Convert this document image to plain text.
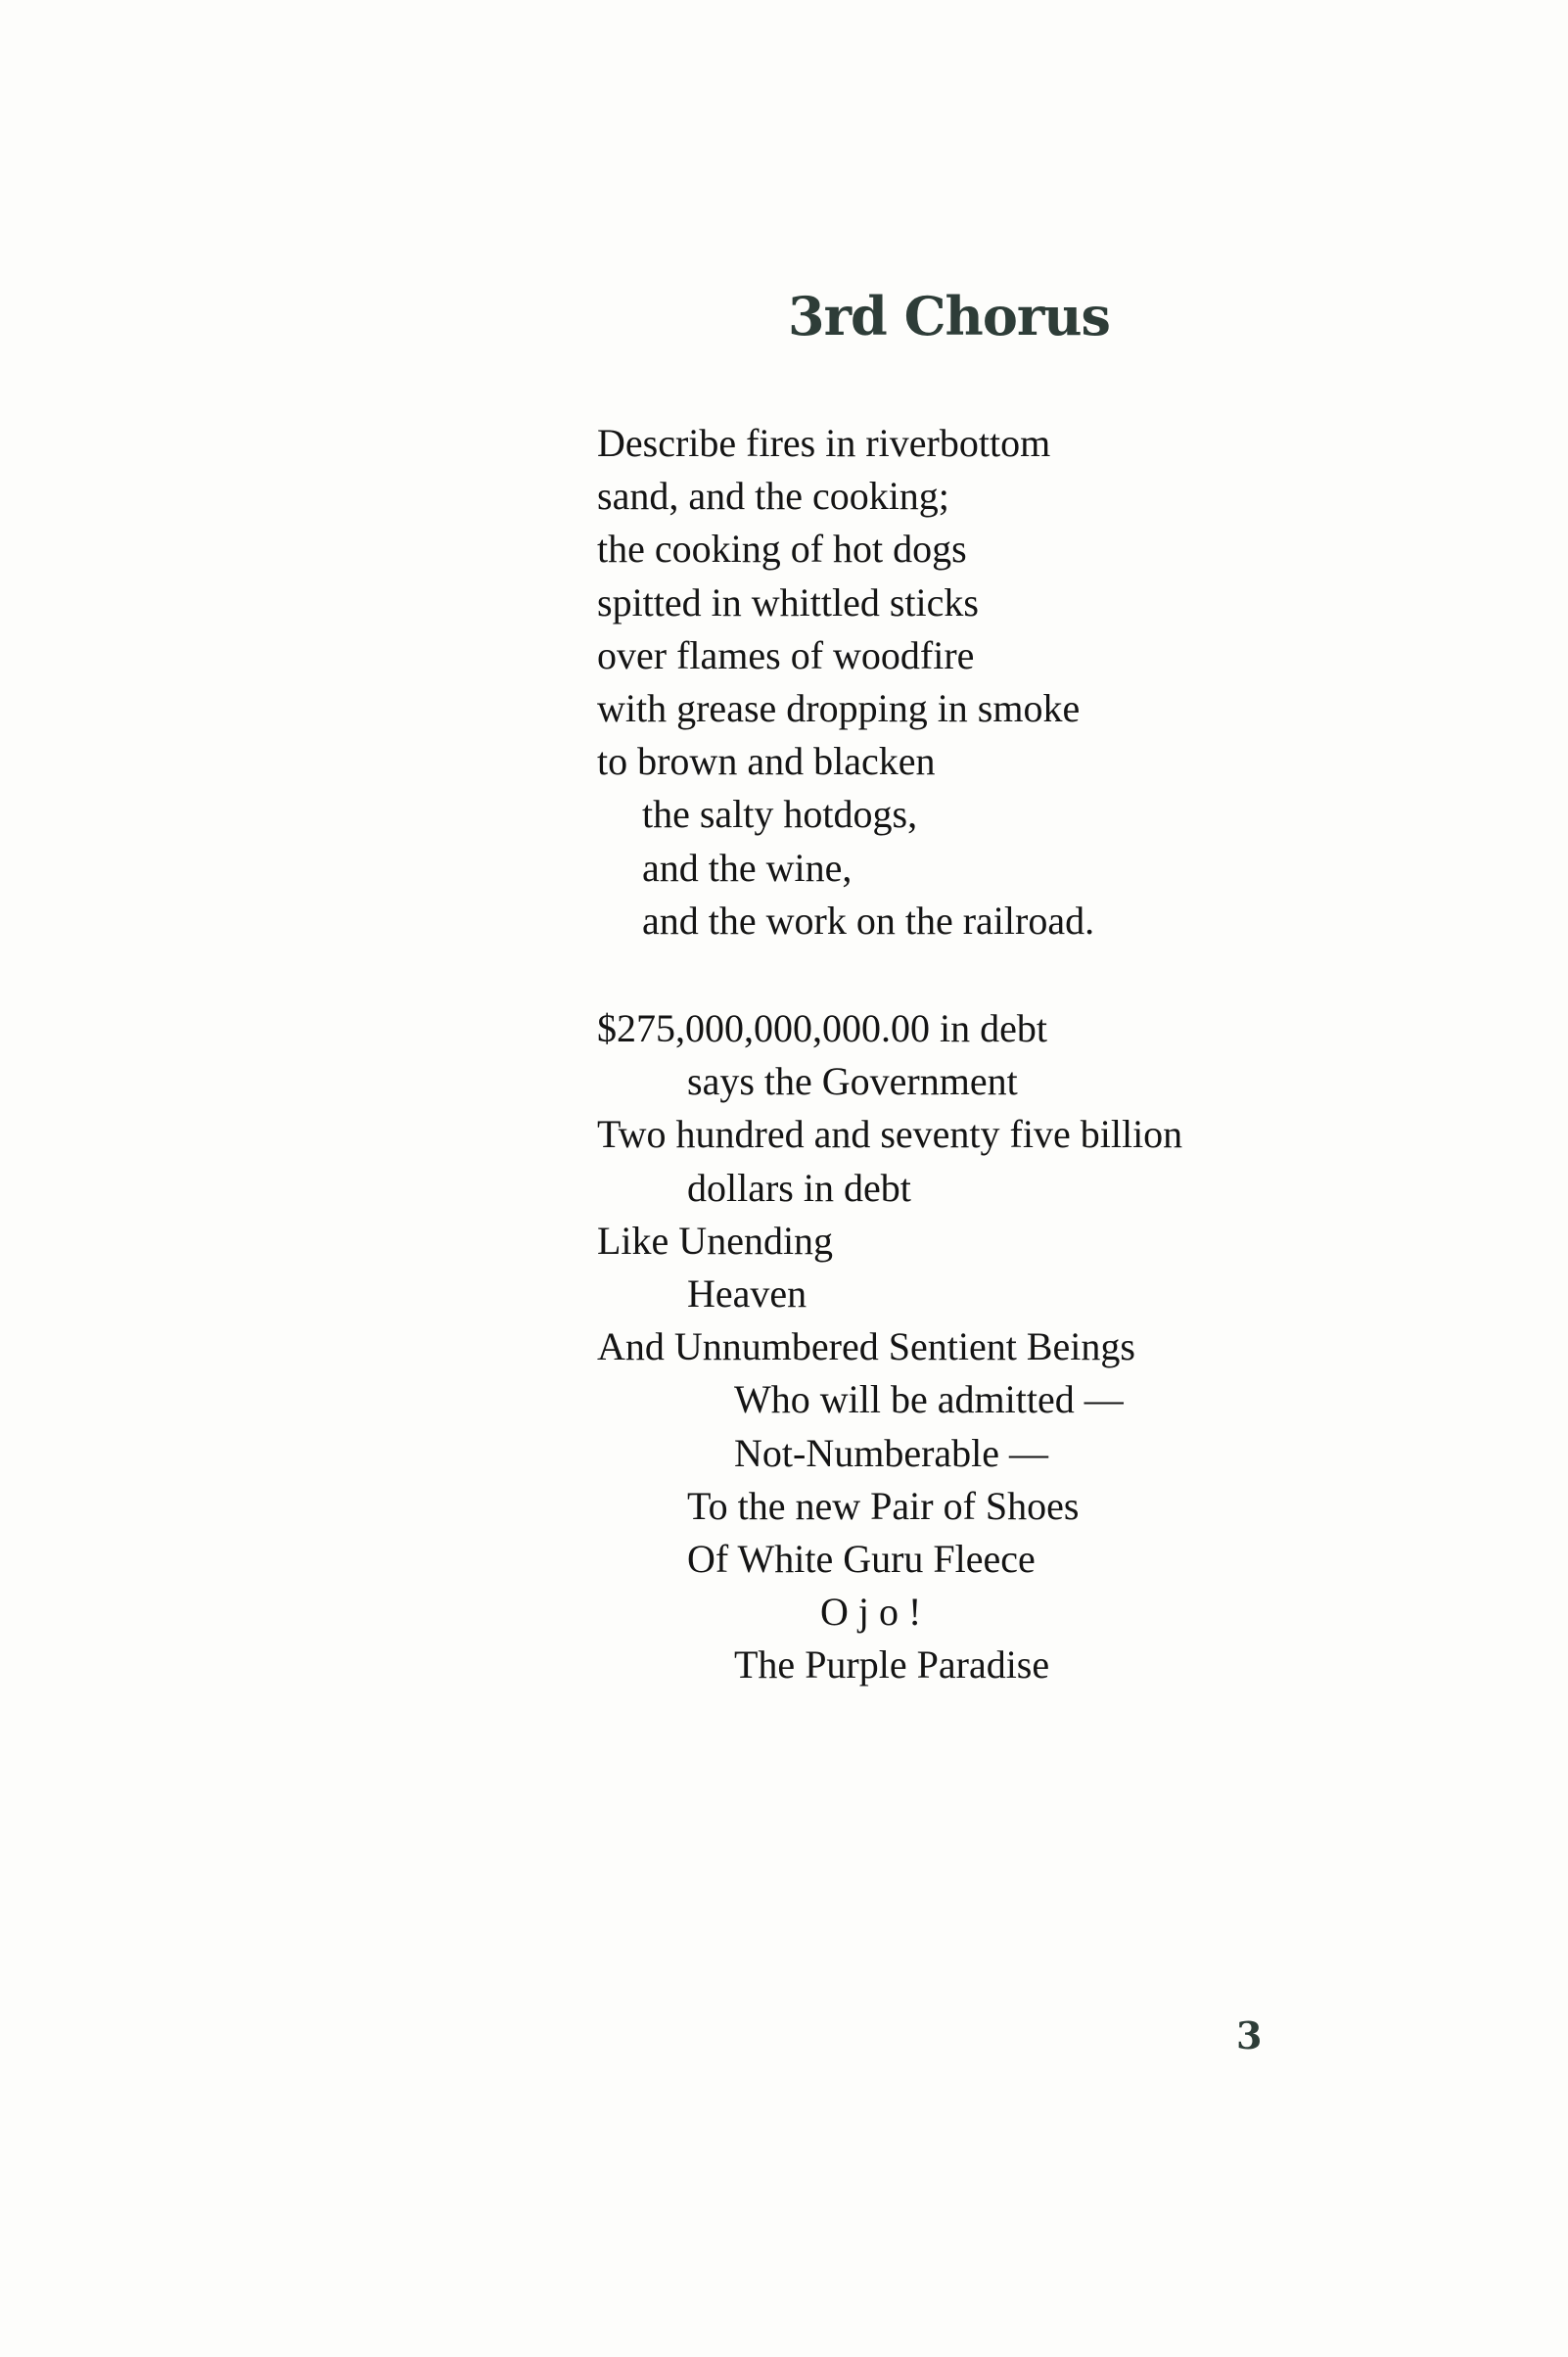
3rd Chorus
Describe fires in riverbottom
sand, and the cooking;
the cooking of hot dogs
spitted in whittled sticks
over flames of woodfire
with grease dropping in smoke
to brown and blacken
the salty hotdogs,
and the wine,
and the work on the railroad.
$275,000,000,000.00 in debt
says the Government
Two hundred and seventy five billion
dollars in debt
Like Unending
Heaven
And Unnumbered Sentient Beings
Who will be admitted —
Not-Numberable —
To the new Pair of Shoes
Of White Guru Fleece
O j o !
The Purple Paradise

3
